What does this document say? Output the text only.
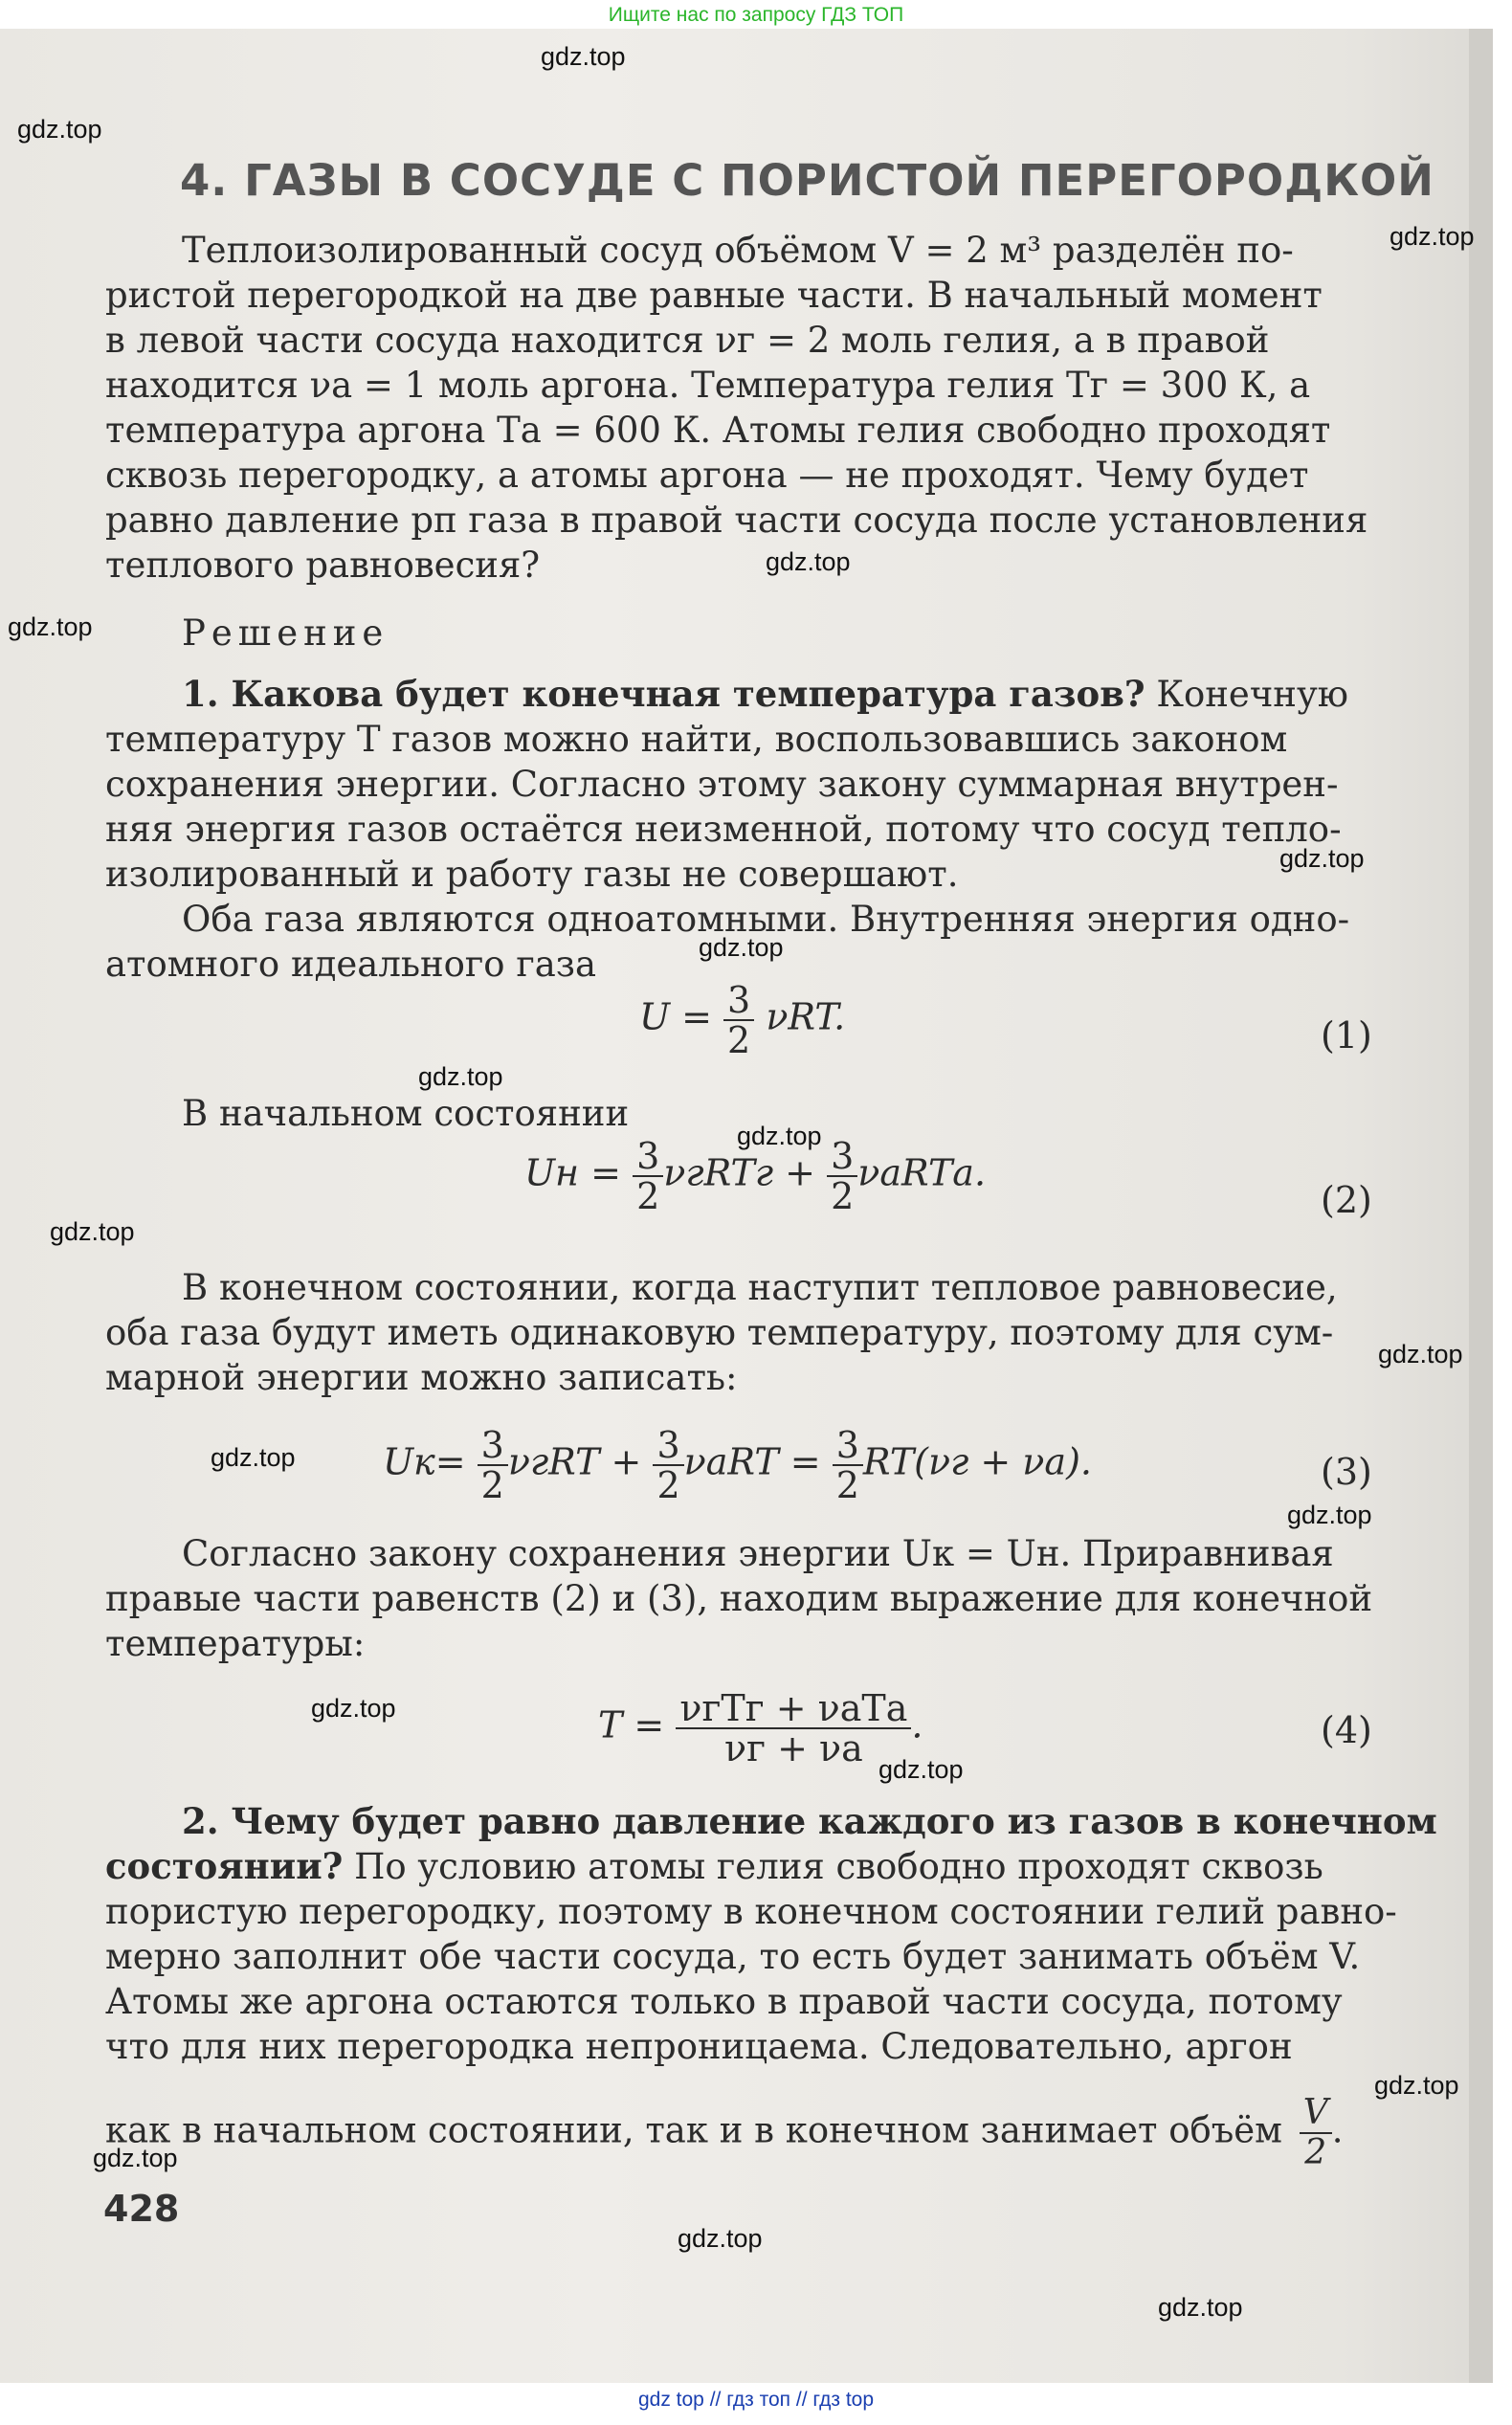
Ищите нас по запросу ГДЗ ТОП
gdz.top
gdz.top
gdz.top
gdz.top
gdz.top
gdz.top
gdz.top
gdz.top
gdz.top
gdz.top
gdz.top
gdz.top
gdz.top
gdz.top
gdz.top
gdz.top
gdz.top
gdz.top
gdz.top
4. ГАЗЫ В СОСУДЕ С ПОРИСТОЙ ПЕРЕГОРОДКОЙ
Теплоизолированный сосуд объёмом V = 2 м³ разделён по-
ристой перегородкой на две равные части. В начальный момент
в левой части сосуда находится νг = 2 моль гелия, а в правой
находится νа = 1 моль аргона. Температура гелия Tг = 300 К, а
температура аргона Tа = 600 К. Атомы гелия свободно проходят
сквозь перегородку, а атомы аргона — не проходят. Чему будет
равно давление pп газа в правой части сосуда после установления
теплового равновесия?
Решение
1. Какова будет конечная температура газов? Конечную
температуру T газов можно найти, воспользовавшись законом
сохранения энергии. Согласно этому закону суммарная внутрен-
няя энергия газов остаётся неизменной, потому что сосуд тепло-
изолированный и работу газы не совершают.
Оба газа являются одноатомными. Внутренняя энергия одно-
атомного идеального газа
$U = \frac{3}{2} \nu RT$.	(1)
В начальном состоянии
Uн = $\frac{3}{2}$ νгRTг + $\frac{3}{2}$ νаRTа.
(2)
В конечном состоянии, когда наступит тепловое равновесие,
оба газа будут иметь одинаковую температуру, поэтому для сум-
марной энергии можно записать:
$Uк= \frac{3}{2}$ $\nu гRT + \frac{3}{2}$ $\nu аRT = \frac{3}{2} RT(\nu г + \nu а)$.	(3)
Согласно закону сохранения энергии Uк = Uн. Приравнивая
правые части равенств (2) и (3), находим выражение для конечной
температуры:
$T = \frac{\text{νгTг + νаTа}}{\nu г + \nu а}$ .	(4)
2. Чему будет равно давление каждого из газов в конечном
состоянии? По условию атомы гелия свободно проходят сквозь
пористую перегородку, поэтому в конечном состоянии гелий равно-
мерно заполнит обе части сосуда, то есть будет занимать объём V.
Атомы же аргона остаются только в правой части сосуда, потому
что для них перегородка непроницаема. Следовательно, аргон
как в начальном состоянии, так и в конечном занимает объём $\frac{V}{2}$ .
428
gdz top // гдз топ // гдз top
